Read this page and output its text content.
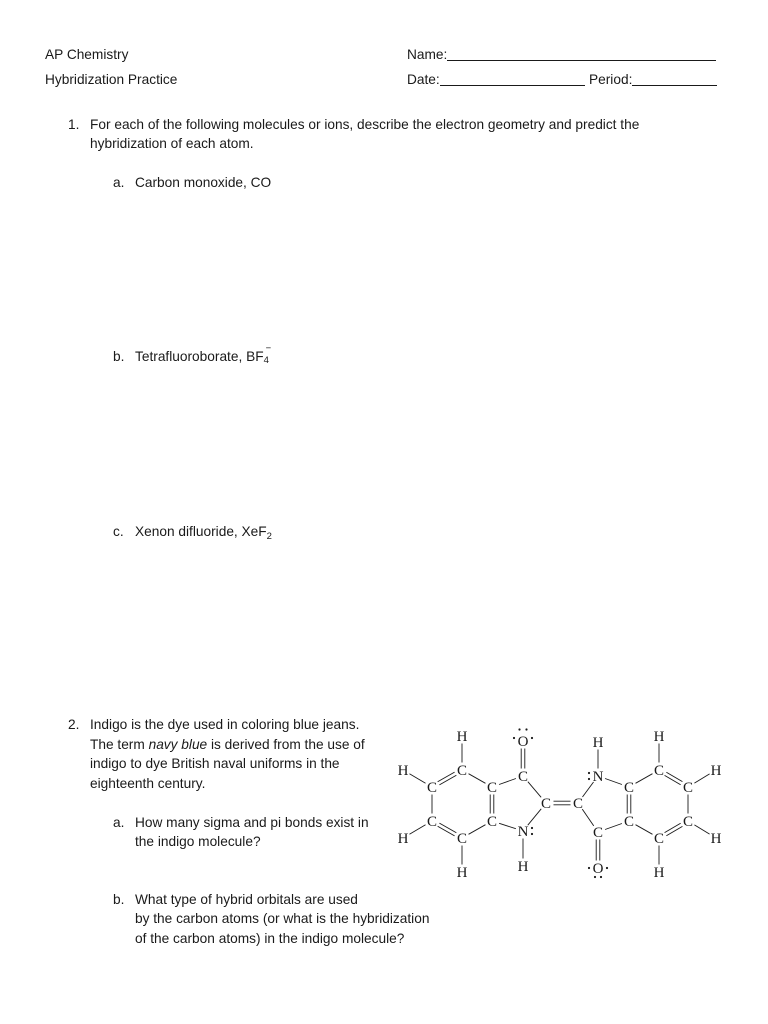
AP Chemistry
Hybridization Practice
Name:
Date:	Period:
1. For each of the following molecules or ions, describe the electron geometry and predict the
hybridization of each atom.
a. Carbon monoxide, CO
b. Tetrafluoroborate, BF
−
4
c. Xenon difluoride, XeF$_2$
2. Indigo is the dye used in coloring blue jeans.
The term navy blue is derived from the use of
indigo to dye British naval uniforms in the
eighteenth century.
a. How many sigma and pi bonds exist in
the indigo molecule?
b. What type of hybrid orbitals are used
by the carbon atoms (or what is the hybridization
of the carbon atoms) in the indigo molecule?
H
C
H
C	C
C	C
C
H
H
C
O
C
N
H
C
N
H
C
O
C
C
C
H
C
H
C
H
C
H
